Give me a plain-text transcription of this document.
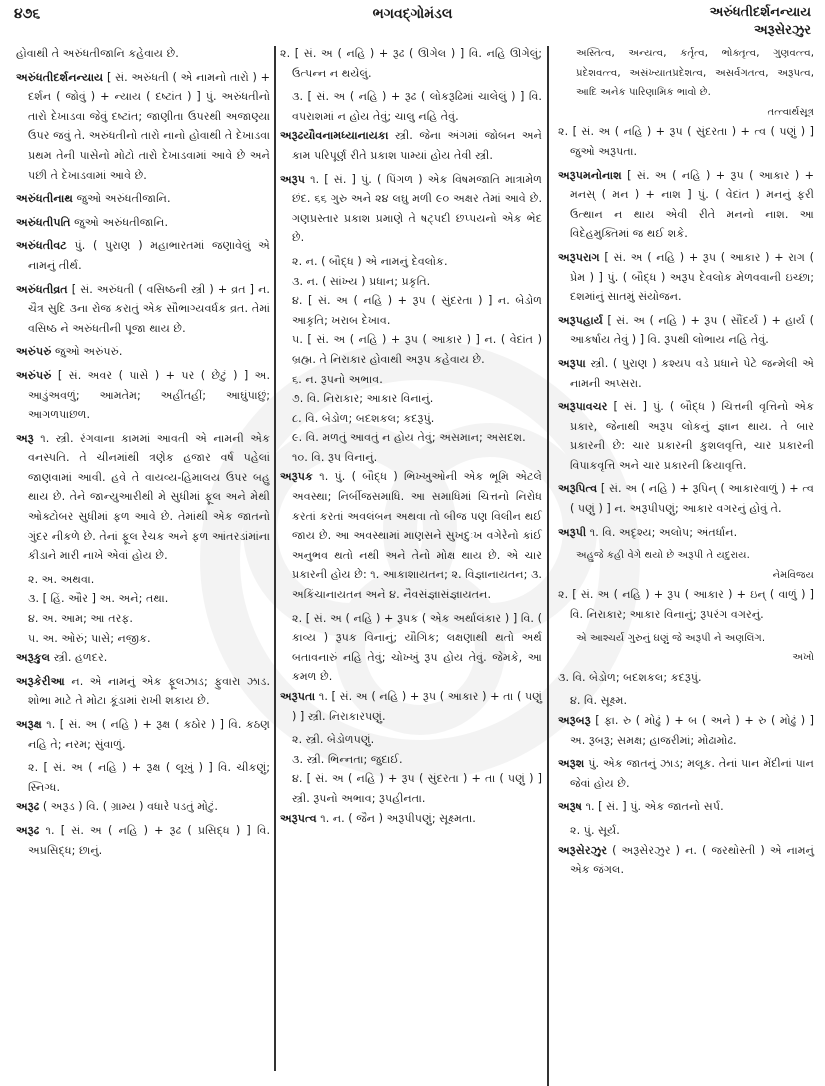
૪૭૬	ભગવદ્ગોમંડલ	અરુંધતીદર્શનન્યાય
અરૂસેરઝુર

હોવાથી તે અરુંધતીજાનિ કહેવાય છે.

અરુંધતીદર્શનન્યાય [ સં. અરુંધતી ( એ નામનો તારો ) + દર્શન ( જોવું ) + ન્યાય ( દષ્ટાંત ) ] પું. અરુંધતીનો તારો દેખાડવા જેવું દષ્ટાંત; જાણીતા ઉપરથી અજાણ્યા ઉપર જવું તે. અરુંધતીનો તારો નાનો હોવાથી તે દેખાડવા પ્રથમ તેની પાસેનો મોટો તારો દેખાડવામાં આવે છે અને પછી તે દેખાડવામાં આવે છે.

અરુંધતીનાથ જુઓ અરુંધતીજાનિ.

અરુંધતીપતિ જુઓ અરુંધતીજાનિ.

અરુંધતીવટ પું. ( પુરાણ ) મહાભારતમાં જણાવેલું એ નામનું તીર્થ.

અરુંધતીવ્રત [ સં. અરુંધતી ( વસિષ્ઠની સ્ત્રી ) + વ્રત ] ન. ચૈત્ર સુદિ ૩ના રોજ કરાતું એક સૌભાગ્યવર્ધક વ્રત. તેમાં વસિષ્ઠ ને અરુંધતીની પૂજા થાય છે.

અરુંપરું જુઓ અરુંપરું.

અરુંપરું [ સં. અવર ( પાસે ) + પર ( છેટું ) ] અ. આડુંઅવળું; આમતેમ; અહીંતહીં; આઘુંપાછું; આગળપાછળ.

અરૂ ૧. સ્ત્રી. રંગવાના કામમાં આવતી એ નામની એક વનસ્પતિ. તે ચીનમાંથી ત્રણેક હજાર વર્ષ પહેલાં જાણવામાં આવી. હવે તે વાયવ્ય-હિમાલય ઉપર બહુ થાય છે. તેને જાન્યુઆરીથી મે સુધીમાં ફૂલ અને મેથી ઓક્ટોબર સુધીમાં ફળ આવે છે. તેમાંથી એક જાતનો ગુંદર નીકળે છે. તેનાં ફૂલ રેચક અને ફળ આંતરડાંમાંના કીડાને મારી નાખે એવાં હોય છે.

૨. અ. અથવા.

૩. [ હિં. ઔર ] અ. અને; તથા.

૪. અ. આમ; આ તરફ.

૫. અ. ઓરું; પાસે; નજીક.

અરૂકુલ સ્ત્રી. હળદર.

અરૂકેરીઆ ન. એ નામનું એક ફૂલઝાડ; ફુવારા ઝાડ. શોભા માટે તે મોટા કૂંડામાં રાખી શકાય છે.

અરૂક્ષ ૧. [ સં. અ ( નહિ ) + રૂક્ષ ( કઠોર ) ] વિ. કઠણ નહિ તે; નરમ; સુંવાળું.

૨. [ સં. અ ( નહિ ) + રૂક્ષ ( લૂખું ) ] વિ. ચીકણું; સ્નિગ્ધ.

અરૂઢ ( અરૂડ ) વિ. ( ગ્રામ્ય ) વધારે પડતું મોટું.

અરૂઢ ૧. [ સં. અ ( નહિ ) + રૂઢ ( પ્રસિદ્ધ ) ] વિ. અપ્રસિદ્ધ; છાનું.

૨. [ સં. અ ( નહિ ) + રૂઢ ( ઊગેલ ) ] વિ. નહિ ઊગેલું; ઉત્પન્ન ન થયેલું.

૩. [ સં. અ ( નહિ ) + રૂઢ ( લોકરૂઢિમાં ચાલેલું ) ] વિ. વપરાશમાં ન હોય તેવું; ચાલુ નહિ તેવું.

અરૂઢયૌવનામધ્યાનાયકા સ્ત્રી. જેના અંગમાં જોબન અને કામ પરિપૂર્ણ રીતે પ્રકાશ પામ્યાં હોય તેવી સ્ત્રી.

અરૂપ ૧. [ સં. ] પું. ( પિંગળ ) એક વિષમજાતિ માત્રામેળ છંદ. ૬૬ ગુરુ અને ૨૪ લઘુ મળી ૯૦ અક્ષર તેમાં આવે છે. ગણપ્રસ્તાર પ્રકાશ પ્રમાણે તે ષટ્પદી છપ્પયનો એક ભેદ છે.

૨. ન. ( બૌદ્ધ ) એ નામનું દેવલોક.

૩. ન. ( સાંખ્ય ) પ્રધાન; પ્રકૃતિ.

૪. [ સં. અ ( નહિ ) + રૂપ ( સુંદરતા ) ] ન. બેડોળ આકૃતિ; ખરાબ દેખાવ.

૫. [ સં. અ ( નહિ ) + રૂપ ( આકાર ) ] ન. ( વેદાંત ) બ્રહ્મ. તે નિરાકાર હોવાથી અરૂપ કહેવાય છે.

૬. ન. રૂપનો અભાવ.

૭. વિ. નિરાકાર; આકાર વિનાનું.

૮. વિ. બેડોળ; બદશકલ; કદરૂપું.

૯. વિ. મળતું આવતું ન હોય તેવું; અસમાન; અસદશ.

૧૦. વિ. રૂપ વિનાનું.

અરૂપક ૧. પું. ( બૌદ્ધ ) ભિખ્ખુઓની એક ભૂમિ એટલે અવસ્થા; નિર્બીજસમાધિ. આ સમાધિમાં ચિત્તનો નિરોધ કરતાં કરતાં અવલંબન અથવા તો બીજ પણ વિલીન થઈ જાય છે. આ અવસ્થામાં માણસને સુખદુઃખ વગેરેનો કાંઈ અનુભવ થતો નથી અને તેનો મોક્ષ થાય છે. એ ચાર પ્રકારની હોય છે: ૧. આકાશાયતન; ૨. વિજ્ઞાનાયતન; ૩. અકિંચાનાયતન અને ૪. નૈવસંજ્ઞાસંજ્ઞાયતન.

૨. [ સં. અ ( નહિ ) + રૂપક ( એક અર્થાલંકાર ) ] વિ. ( કાવ્ય ) રૂપક વિનાનું; યૌગિક; લક્ષણાથી થતો અર્થ બતાવનારું નહિ તેવું; ચોખ્ખું રૂપ હોય તેવું. જેમકે, આ કમળ છે.

અરૂપતા ૧. [ સં. અ ( નહિ ) + રૂપ ( આકાર ) + તા ( પણું ) ] સ્ત્રી. નિરાકારપણું.

૨. સ્ત્રી. બેડોળપણું.

૩. સ્ત્રી. ભિન્નતા; જુદાઈ.

૪. [ સં. અ ( નહિ ) + રૂપ ( સુંદરતા ) + તા ( પણું ) ] સ્ત્રી. રૂપનો અભાવ; રૂપહીનતા.

અરૂપત્વ ૧. ન. ( જૈન ) અરૂપીપણું; સૂક્ષ્મતા.

અસ્તિત્વ, અન્યત્વ, કર્તૃત્વ, ભોક્તૃત્વ, ગુણવત્ત્વ, પ્રદેશવત્ત્વ, અસંખ્યાતપ્રદેશત્વ, અસર્વગતત્વ, અરૂપત્વ, આદિ અનેક પારિણામિક ભાવો છે.

તત્ત્વાર્થસૂત્ર

૨. [ સં. અ ( નહિ ) + રૂપ ( સુંદરતા ) + ત્વ ( પણું ) ] જુઓ અરૂપતા.

અરૂપમનોનાશ [ સં. અ ( નહિ ) + રૂપ ( આકાર ) + મનસ્ ( મન ) + નાશ ] પું. ( વેદાંત ) મનનું ફરી ઉત્થાન ન થાય એવી રીતે મનનો નાશ. આ વિદેહમુક્તિમાં જ થઈ શકે.

અરૂપરાગ [ સં. અ ( નહિ ) + રૂપ ( આકાર ) + રાગ ( પ્રેમ ) ] પું. ( બૌદ્ધ ) અરૂપ દેવલોક મેળવવાની ઇચ્છા; દશમાંનું સાતમું સંયોજન.

અરૂપહાર્ય [ સં. અ ( નહિ ) + રૂપ ( સૌંદર્ય ) + હાર્ય ( આકર્ષાય તેવું ) ] વિ. રૂપથી લોભાય નહિ તેવું.

અરૂપા સ્ત્રી. ( પુરાણ ) કશ્યપ વડે પ્રધાને પેટે જન્મેલી એ નામની અપ્સરા.

અરૂપાવચર [ સં. ] પું. ( બૌદ્ધ ) ચિત્તની વૃત્તિનો એક પ્રકાર, જેનાથી અરૂપ લોકનું જ્ઞાન થાય. તે બાર પ્રકારની છે: ચાર પ્રકારની કુશલવૃત્તિ, ચાર પ્રકારની વિપાકવૃત્તિ અને ચાર પ્રકારની ક્રિયાવૃત્તિ.

અરૂપિત્વ [ સં. અ ( નહિ ) + રૂપિન્ ( આકારવાળું ) + ત્વ ( પણું ) ] ન. અરૂપીપણું; આકાર વગરનું હોવું તે.

અરૂપી ૧. વિ. અદૃશ્ય; અલોપ; અંતર્ધાન.

અહુજે કહી વેગે થયો છે અરૂપી તે યદુરાય.

નેમવિજય

૨. [ સં. અ ( નહિ ) + રૂપ ( આકાર ) + ઇન્ ( વાળું ) ] વિ. નિરાકાર; આકાર વિનાનું; રૂપરંગ વગરનું.

એ આશ્ચર્ય ગુરુનું ઘણું જે અરૂપી ને અણલિંગ.

અખો

૩. વિ. બેડોળ; બદશકલ; કદરૂપું.

૪. વિ. સૂક્ષ્મ.

અરૂબરૂ [ ફા. રુ ( મોઢું ) + બ ( અને ) + રુ ( મોઢું ) ] અ. રૂબરૂ; સમક્ષ; હાજરીમાં; મોઢામોઢ.

અરૂશ પું. એક જાતનું ઝાડ; મલૂક. તેનાં પાન મેંદીનાં પાન જેવાં હોય છે.

અરૂષ ૧. [ સં. ] પું. એક જાતનો સર્પ.

૨. પું. સૂર્ય.

અરૂસેરઝુર ( અરૂસેરઝુર ) ન. ( જરથોસ્તી ) એ નામનું એક જંગલ.
